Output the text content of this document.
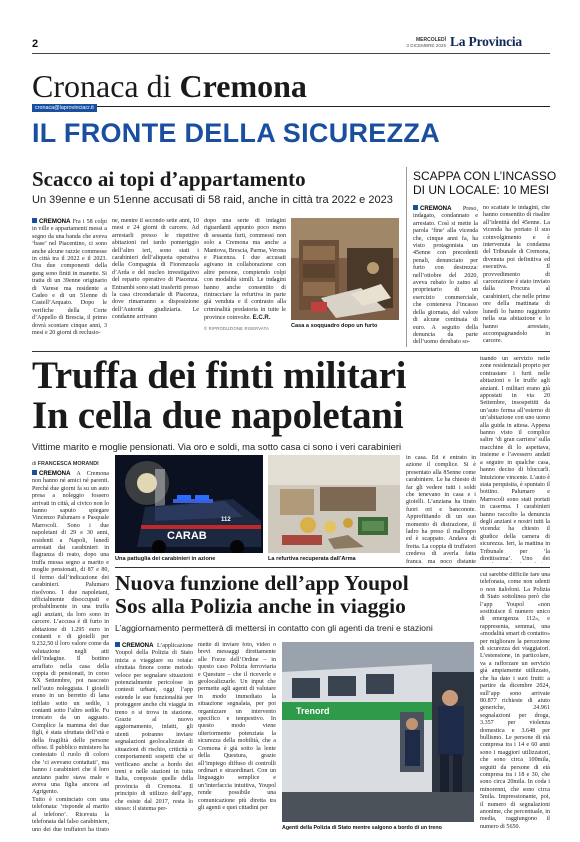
2	MERCOLEDÌ
3 DICEMBRE 2025 La Provincia
Cronaca di Cremona
cronaca@laprovinciacr.it
IL FRONTE DELLA SICUREZZA
Scacco ai topi d’appartamento
Un 39enne e un 51enne accusati di 58 raid, anche in città tra 2022 e 2023
CREMONA Fra i 58 colpi in ville e appartamenti messi a segno da una banda che aveva ‘base’ nel Piacentino, ci sono anche alcune razzie commesse in città tra il 2022 e il 2023. Ora due componenti della gang sono finiti in manette. Si tratta di un 39enne originario di Varese ma residente a Cadeo e di un 51enne di Castell’Arquato. Dopo le verifiche della Corte d’Appello di Brescia, il primo dovrà scontare cinque anni, 3 mesi e 20 giorni di reclusio-
ne, mentre il secondo sette anni, 10 mesi e 24 giorni di carcere. Ad arrestarli presso le rispettive abitazioni nel tardo pomeriggio dell’altro ieri, sono stati i carabinieri dell’aliquota operativa della Compagnia di Fiorenzuola d’Arda e del nucleo investigativo del reparto operativo di Piacenza. Entrambi sono stati trasferiti presso la casa circondariale di Piacenza, dove rimarranno a disposizione dell’Autorità giudiziaria. Le condanne arrivano
dopo una serie di indagini riguardanti appunto poco meno di sessanta furti, commessi non solo a Cremona ma anche a Mantova, Brescia, Parma, Verona e Piacenza. I due accusati agivano in collaborazione con altre persone, compiendo colpi con modalità simili. Le indagini hanno anche consentito di rintracciare la refurtiva in parte già venduta e il contrasto alla criminalità predatoria in tutte le province coinvolte. E.C.R.
© RIPRODUZIONE RISERVATA	Casa a soqquadro dopo un furto
SCAPPA CON L’INCASSO
DI UN LOCALE: 10 MESI
CREMONA Preso, indagato, condannato e arrestato. Così si mette la parola ‘fine’ alla vicenda che, cinque anni fa, ha visto protagonista un 45enne con precedenti penali, denunciato per furto con destrezza: nell’ottobre del 2020, aveva rubato lo zaino al proprietario di un esercizio commerciale, che conteneva l’incasso della giornata, del valore di alcune centinaia di euro. A seguito della denuncia da parte dell’uomo derubato so-
no scattate le indagini, che hanno consentito di risalire all’identità del 45enne. La vicenda ha portato il suo coinvolgimento e è intervenuta la condanna del Tribunale di Cremona, divenuta poi definitiva ed esecutiva. Il provvedimento di carcerazione è stato inviato dalla Procura al carabinieri, che nelle prime ore della mattinata di lunedì lo hanno raggiunto nella sua abitazione e lo hanno arrestato, accompagnandolo in carcere.
Truffa dei finti militari
In cella due napoletani
Vittime marito e moglie pensionati. Via oro e soldi, ma sotto casa ci sono i veri carabinieri
di FRANCESCA MORANDI
CREMONA A Cremona non hanno né amici né parenti. Perché due giorni fa su un auto presa a noleggio fossero arrivati in città, al civico non lo hanno saputo spiegare Vincenzo Palumaro e Pasquale Marrocoli. Sono i due napoletani di 29 e 30 anni, residenti a Napoli, lunedì arrestati dai carabinieri in flagranza di reato, dopo una truffa messa segno a marito e moglie pensionati, di 87 e 80, il fermo dall’indicazione dei carabinieri. Palumaro risolvono. I due napoletani, ufficialmente disoccupati e probabilmente in una truffa agli anziani, da loro sono in carcere. L’accusa è di furto in abitazione di 1.295 euro in contanti e di gioielli per 9.232,50 il loro valore come da valutazione negli atti dell’indagine. Il bottino arraffato nella casa della coppia di pensionati, in corso XX Settembre, poi nascosto nell’auto noleggiata. I gioielli erano in un berretto di lana infilato sotto un sedile, i contanti sotto l’altro sedile. Fu troncato da un agguato. Complice la mamma dei due figli, è stata sfruttata dell’età e della fragilità delle persone offese. Il pubblico ministero ha contestato il ruolo di coloro che ‘ci avevano contattati’, ma hanno i carabinieri che il loro anziano padre stava male e aveva una figlia ancora ad Agrigento.
Tutto è cominciato con una telefonata: ‘risponde al marito al telefono’. Ricevuta la telefonata dal falso carabiniere, uno dei due truffatori ha tirato
CARAB
112
Una pattuglia dei carabinieri in azione	La refurtiva recuperata dall’Arma
in casa. Ed è entrato in azione il complice. Si è presentato alla 85enne come carabiniere. Le ha chiesto di far gli vedere tutti i soldi che tenevano in casa e i gioielli. L’anziana ha tirato fuori ori e banconote. Approfittando di un suo momento di distrazione, il ladro ha preso il malloppo ed è scappato. Andava di fretta. La coppia di truffatori credeva di averla fatta franca, ma poco distante
tuando un servizio nelle zone residenziali proprio per contrastare i furti nelle abitazioni e le truffe agli anziani. I militari erano già appostati in via 20 Settembre, insospettiti da un’auto ferma all’esterno di un’abitazione con uno uomo alla guida in attesa. Appena hanno visto il complice salire ‘di gran carriera’ sulla macchine di lo aspettava, insieme e l’avessero andati a seguire in qualche casa, hanno deciso di bloccarli. Intuizione vincente. L’auto è stata perquisita, è spuntato il bottino. Palumaro e Marrocoli sono stati portati in caserma. I carabinieri hanno raccolto la denuncia degli anziani e nostri tutti la vicenda: ha chiesto il giudice della camera di sicurezza. Ieri, la mattina in Tribunale per ‘la direttissima’. Uno dei
Nuova funzione dell’app Youpol
Sos alla Polizia anche in viaggio
L’aggiornamento permetterà di mettersi in contatto con gli agenti da treni e stazioni
CREMONA L’applicazione Youpol della Polizia di Stato inizia a viaggiare su rotaia: sfruttata finora come metodo veloce per segnalare situazioni potenzialmente pericolose in contesti urbani, oggi l’app estende le sue funzionalità per proteggere anche chi viaggia in treno o si trova in stazione. Grazie al nuovo aggiornamento, infatti, gli utenti potranno inviare segnalazioni geolocalizzate di situazioni di rischio, criticità o comportamenti sospetti che si verificano anche a bordo dei treni e nelle stazioni in tutta Italia, composte quelle della provincia di Cremona. Il principio di utilizzo dell’app, che esiste dal 2017, resta lo stesso: il sistema per-
mette di inviare foto, video o brevi messaggi direttamente alle Forze dell’Ordine – in questo caso Polizia ferroviaria e Questure – che il riceverle e geolocalizzarle. Un input che permette agli agenti di valutare in modo immediato la situazione segnalata, per poi organizzare un intervento specifico e tempestivo. In questo modo viene ulteriormente potenziata la sicurezza della mobilità, che a Cremona è già sotto la lente della Questura, grazie all’impiego diffuso di controlli ordinari e straordinari. Con un linguaggio semplice e un’interfaccia intuitiva, Youpol rende possibile una comunicazione più diretta tra gli agenti e quei cittadini per
Trenord
Agenti della Polizia di Stato mentre salgono a bordo di un treno
cui sarebbe difficile fare una telefonata, come non udenti o non italofoni. La Polizia di Stato sottolinea però che l’app Youpol «non sostituisce il numero unico di emergenza 112», e rappresenta, semmai, una «modalità smart di contatto» per migliorare la percezione di sicurezza dei viaggiatori. L’estensione, in particolare, va a rafforzare un servizio già ampiamente utilizzato, che ha dato i suoi frutti: a partire da dicembre 2024, sull’app sono arrivate 80.877 richieste di aiuto generiche, 24.961 segnalazioni per droga, 3.357 per violenza domestica e 3.648 per bullismo. Le persone di età compresa tra i 14 e 60 anni sono i maggiori utilizzatori, che sono circa 100mila, seguiti da persone di età compresa tra i 18 e 30, che sono circa 20mila. In coda i minorenni, che sono circa 5mila. Impressionante, poi, il numero di segnalazioni anonime, che percentuale, in media, raggiungono il numero di 5650.
